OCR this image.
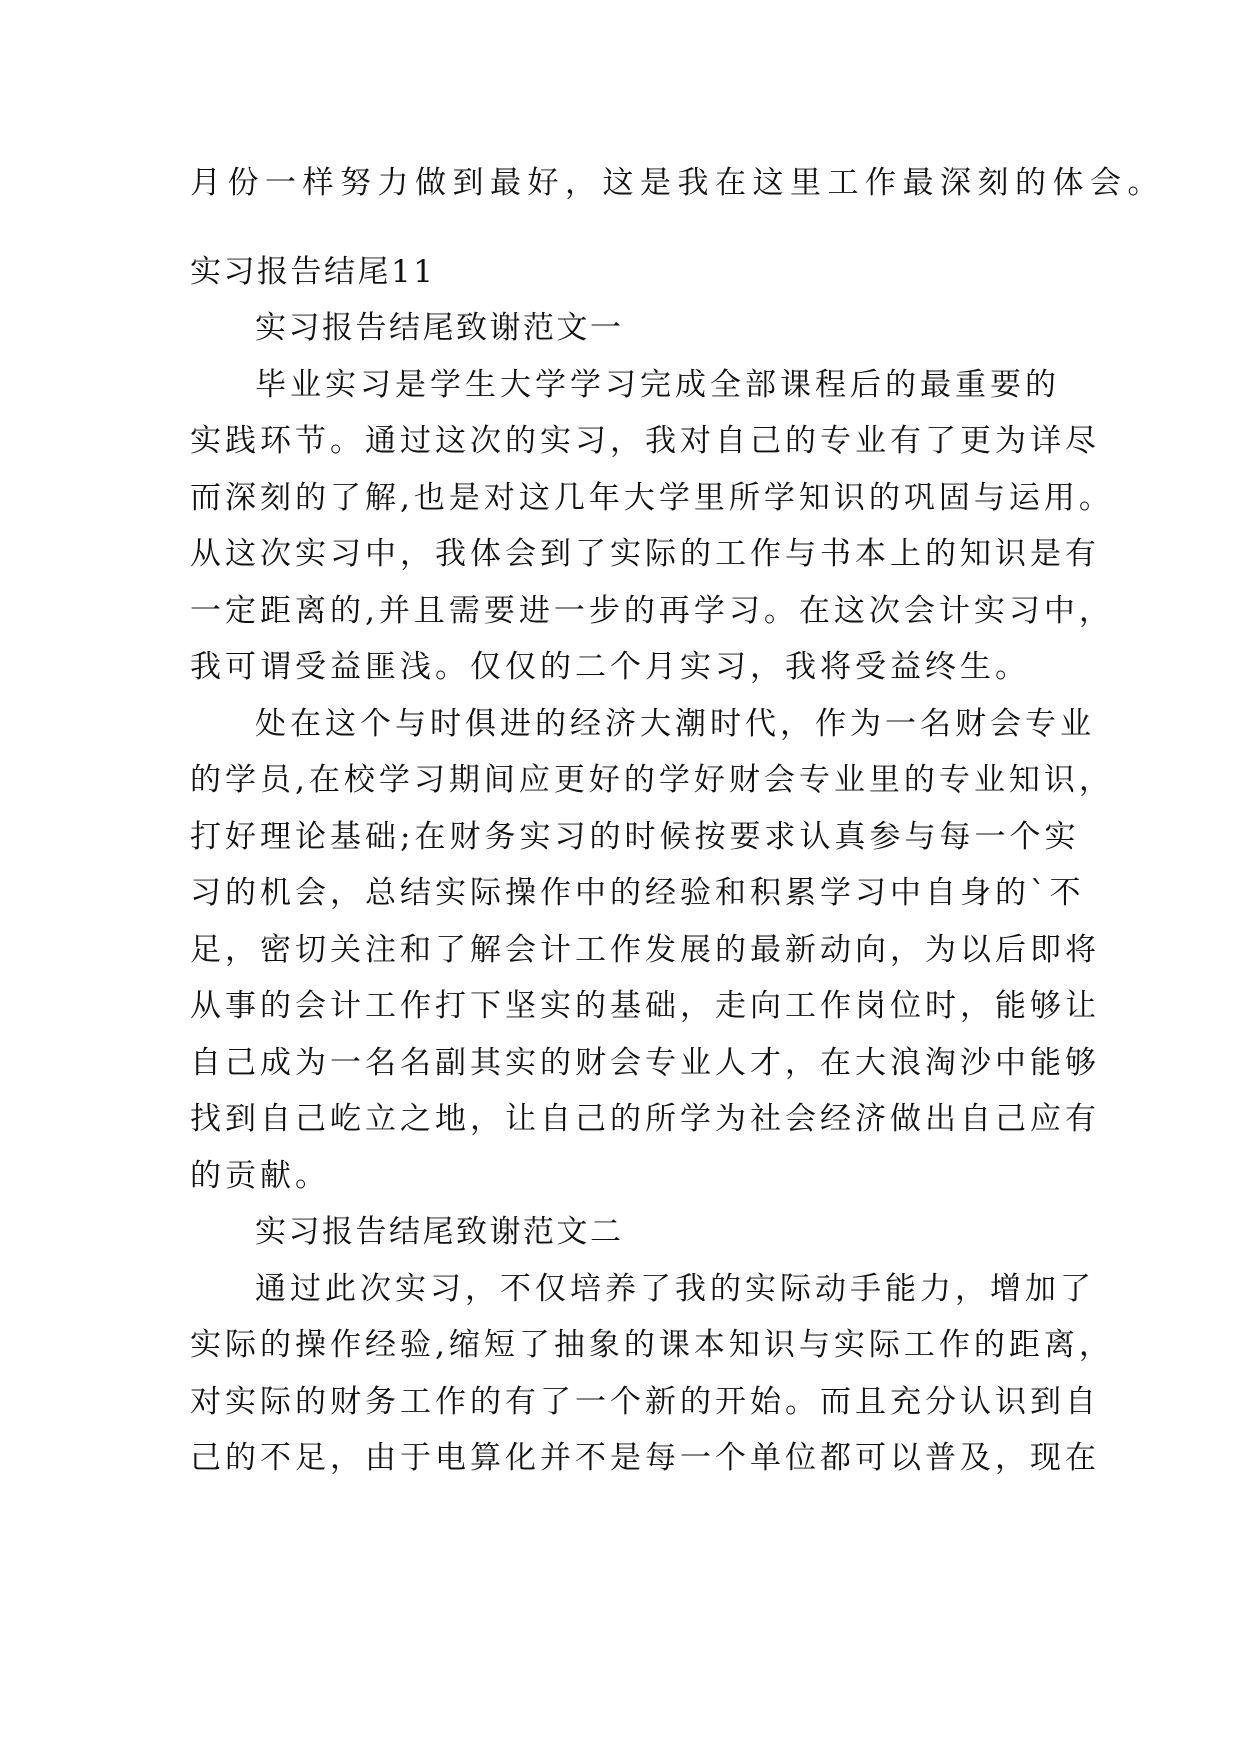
月份一样努力做到最好，这是我在这里工作最深刻的体会。
实习报告结尾11
实习报告结尾致谢范文一
毕业实习是学生大学学习完成全部课程后的最重要的
实践环节。通过这次的实习，我对自己的专业有了更为详尽
而深刻的了解,也是对这几年大学里所学知识的巩固与运用。
从这次实习中，我体会到了实际的工作与书本上的知识是有
一定距离的,并且需要进一步的再学习。在这次会计实习中，
我可谓受益匪浅。仅仅的二个月实习，我将受益终生。
处在这个与时俱进的经济大潮时代，作为一名财会专业
的学员,在校学习期间应更好的学好财会专业里的专业知识，
打好理论基础;在财务实习的时候按要求认真参与每一个实
习的机会，总结实际操作中的经验和积累学习中自身的`不
足，密切关注和了解会计工作发展的最新动向，为以后即将
从事的会计工作打下坚实的基础，走向工作岗位时，能够让
自己成为一名名副其实的财会专业人才，在大浪淘沙中能够
找到自己屹立之地，让自己的所学为社会经济做出自己应有
的贡献。
实习报告结尾致谢范文二
通过此次实习，不仅培养了我的实际动手能力，增加了
实际的操作经验,缩短了抽象的课本知识与实际工作的距离，
对实际的财务工作的有了一个新的开始。而且充分认识到自
己的不足，由于电算化并不是每一个单位都可以普及，现在
